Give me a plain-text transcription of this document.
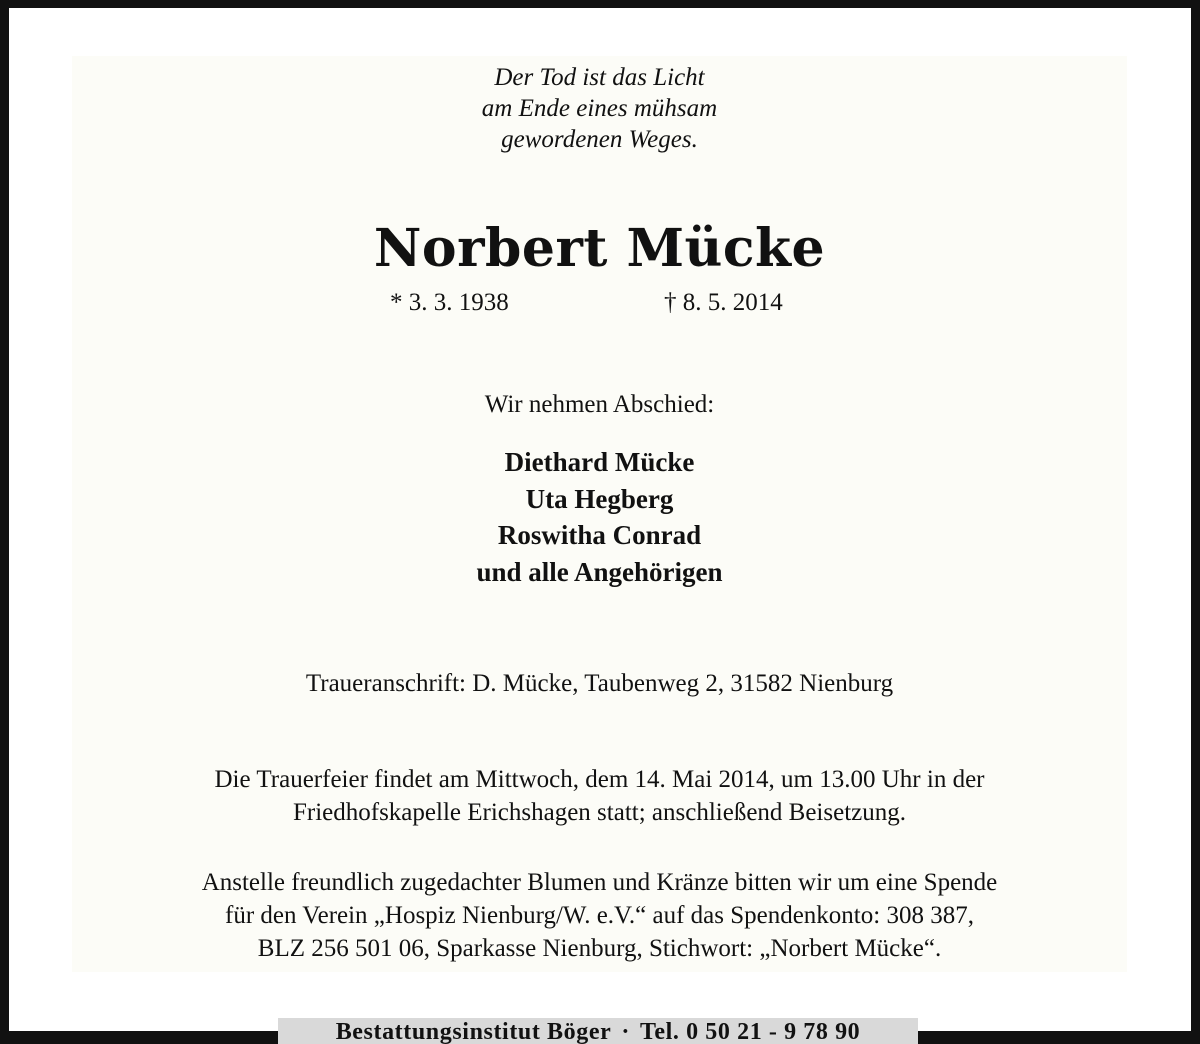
Der Tod ist das Licht
am Ende eines mühsam
gewordenen Weges.
Norbert Mücke
* 3. 3. 1938	† 8. 5. 2014
Wir nehmen Abschied:
Diethard Mücke
Uta Hegberg
Roswitha Conrad
und alle Angehörigen
Traueranschrift: D. Mücke, Taubenweg 2, 31582 Nienburg
Die Trauerfeier findet am Mittwoch, dem 14. Mai 2014, um 13.00 Uhr in der
Friedhofskapelle Erichshagen statt; anschließend Beisetzung.
Anstelle freundlich zugedachter Blumen und Kränze bitten wir um eine Spende
für den Verein „Hospiz Nienburg/W. e.V.“ auf das Spendenkonto: 308 387,
BLZ 256 501 06, Sparkasse Nienburg, Stichwort: „Norbert Mücke“.
Bestattungsinstitut Böger · Tel. 0 50 21 - 9 78 90
